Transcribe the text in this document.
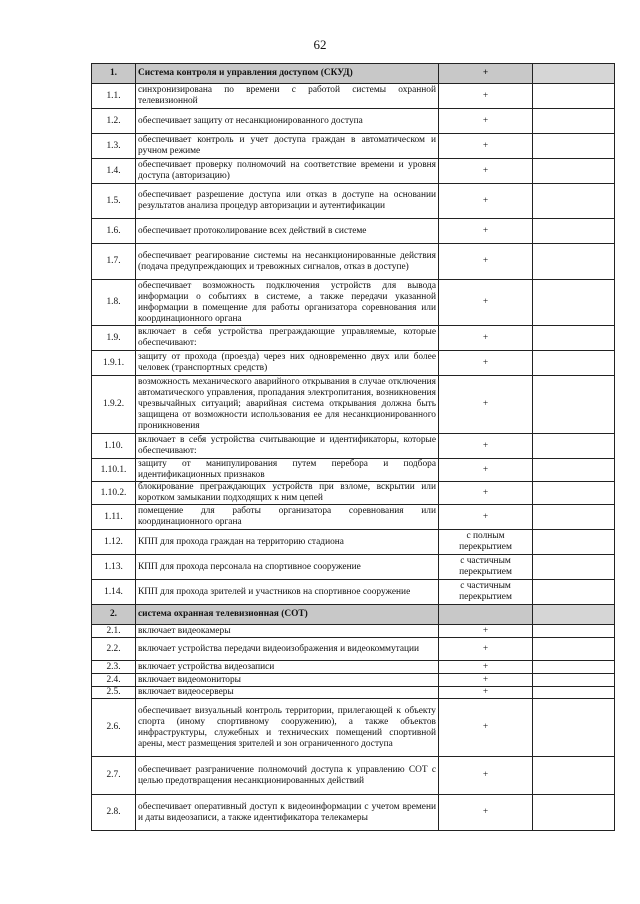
62
1.	Система контроля и управления доступом (СКУД)	+	
1.1.	синхронизирована по времени с работой системы охранной телевизионной	+	
1.2.	обеспечивает защиту от несанкционированного доступа	+	
1.3.	обеспечивает контроль и учет доступа граждан в автоматическом и ручном режиме	+	
1.4.	обеспечивает проверку полномочий на соответствие времени и уровня доступа (авторизацию)	+	
1.5.	обеспечивает разрешение доступа или отказ в доступе на основании результатов анализа процедур авторизации и аутентификации	+	
1.6.	обеспечивает протоколирование всех действий в системе	+	
1.7.	обеспечивает реагирование системы на несанкционированные действия (подача предупреждающих и тревожных сигналов, отказ в доступе)	+	
1.8.	обеспечивает возможность подключения устройств для вывода информации о событиях в системе, а также передачи указанной информации в помещение для работы организатора соревнования или координационного органа	+	
1.9.	включает в себя устройства преграждающие управляемые, которые обеспечивают:	+	
1.9.1.	защиту от прохода (проезда) через них одновременно двух или более человек (транспортных средств)	+	
1.9.2.	возможность механического аварийного открывания в случае отключения автоматического управления, пропадания электропитания, возникновения чрезвычайных ситуаций; аварийная система открывания должна быть защищена от возможности использования ее для несанкционированного проникновения	+	
1.10.	включает в себя устройства считывающие и идентификаторы, которые обеспечивают:	+	
1.10.1.	защиту от манипулирования путем перебора и подбора идентификационных признаков	+	
1.10.2.	блокирование преграждающих устройств при взломе, вскрытии или коротком замыкании подходящих к ним цепей	+	
1.11.	помещение для работы организатора соревнования или координационного органа	+	
1.12.	КПП для прохода граждан на территорию стадиона	с полным перекрытием	
1.13.	КПП для прохода персонала на спортивное сооружение	с частичным перекрытием	
1.14.	КПП для прохода зрителей и участников на спортивное сооружение	с частичным перекрытием	
2.	система охранная телевизионная (СОТ)		
2.1.	включает видеокамеры	+	
2.2.	включает устройства передачи видеоизображения и видеокоммутации	+	
2.3.	включает устройства видеозаписи	+	
2.4.	включает видеомониторы	+	
2.5.	включает видеосерверы	+	
2.6.	обеспечивает визуальный контроль территории, прилегающей к объекту спорта (иному спортивному сооружению), а также объектов инфраструктуры, служебных и технических помещений спортивной арены, мест размещения зрителей и зон ограниченного доступа	+	
2.7.	обеспечивает разграничение полномочий доступа к управлению СОТ с целью предотвращения несанкционированных действий	+	
2.8.	обеспечивает оперативный доступ к видеоинформации с учетом времени и даты видеозаписи, а также идентификатора телекамеры	+	
